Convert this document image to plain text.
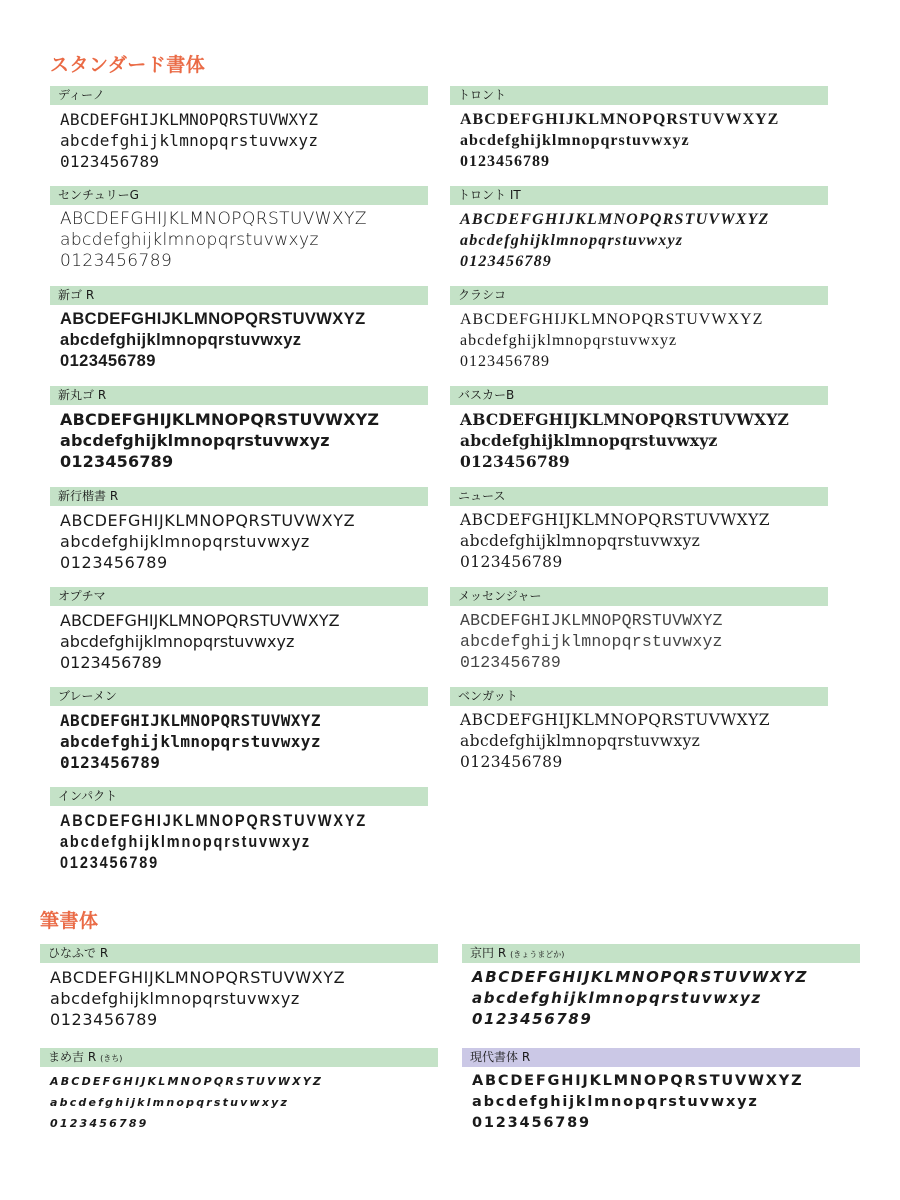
スタンダード書体
ディーノ
ABCDEFGHIJKLMNOPQRSTUVWXYZ
abcdefghijklmnopqrstuvwxyz
0123456789
センチュリーG
ABCDEFGHIJKLMNOPQRSTUVWXYZ
abcdefghijklmnopqrstuvwxyz
0123456789
新ゴ R
ABCDEFGHIJKLMNOPQRSTUVWXYZ
abcdefghijklmnopqrstuvwxyz
0123456789
新丸ゴ R
ABCDEFGHIJKLMNOPQRSTUVWXYZ
abcdefghijklmnopqrstuvwxyz
0123456789
新行楷書 R
ABCDEFGHIJKLMNOPQRSTUVWXYZ
abcdefghijklmnopqrstuvwxyz
0123456789
オプチマ
ABCDEFGHIJKLMNOPQRSTUVWXYZ
abcdefghijklmnopqrstuvwxyz
0123456789
ブレーメン
ABCDEFGHIJKLMNOPQRSTUVWXYZ
abcdefghijklmnopqrstuvwxyz
0123456789
インパクト
ABCDEFGHIJKLMNOPQRSTUVWXYZ
abcdefghijklmnopqrstuvwxyz
0123456789
トロント
ABCDEFGHIJKLMNOPQRSTUVWXYZ
abcdefghijklmnopqrstuvwxyz
0123456789
トロント IT
ABCDEFGHIJKLMNOPQRSTUVWXYZ
abcdefghijklmnopqrstuvwxyz
0123456789
クラシコ
ABCDEFGHIJKLMNOPQRSTUVWXYZ
abcdefghijklmnopqrstuvwxyz
0123456789
バスカーB
ABCDEFGHIJKLMNOPQRSTUVWXYZ
abcdefghijklmnopqrstuvwxyz
0123456789
ニュース
ABCDEFGHIJKLMNOPQRSTUVWXYZ
abcdefghijklmnopqrstuvwxyz
0123456789
メッセンジャー
ABCDEFGHIJKLMNOPQRSTUVWXYZ
abcdefghijklmnopqrstuvwxyz
0123456789
ベンガット
ABCDEFGHIJKLMNOPQRSTUVWXYZ
abcdefghijklmnopqrstuvwxyz
0123456789
筆書体
ひなふで R
ABCDEFGHIJKLMNOPQRSTUVWXYZ
abcdefghijklmnopqrstuvwxyz
0123456789
京円 R (きょうまどか)
ABCDEFGHIJKLMNOPQRSTUVWXYZ
abcdefghijklmnopqrstuvwxyz
0123456789
まめ吉 R (きち)
ABCDEFGHIJKLMNOPQRSTUVWXYZ
abcdefghijklmnopqrstuvwxyz
0123456789
現代書体 R
ABCDEFGHIJKLMNOPQRSTUVWXYZ
abcdefghijklmnopqrstuvwxyz
0123456789
